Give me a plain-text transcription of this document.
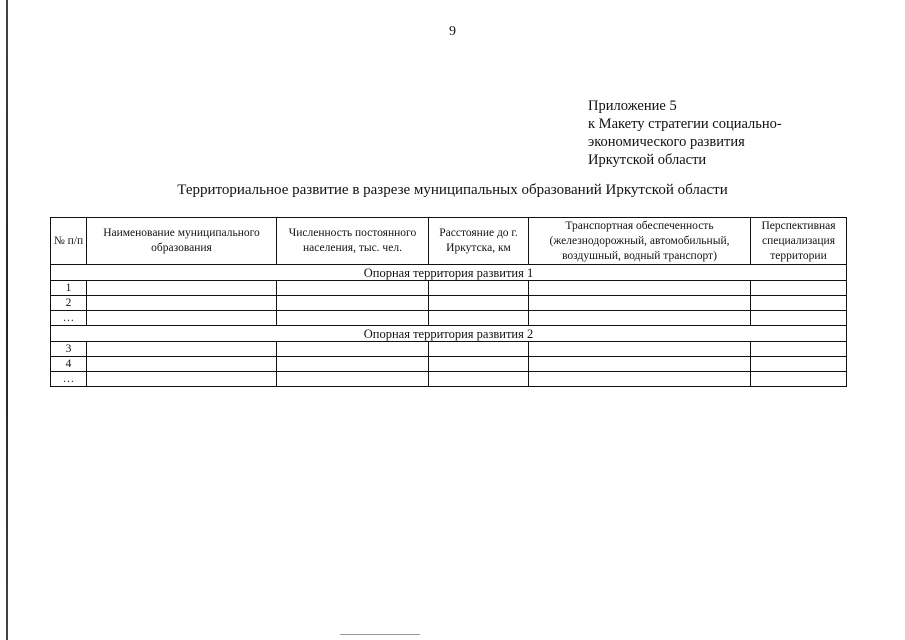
9
Приложение 5
к Макету стратегии социально-
экономического развития
Иркутской области
Территориальное развитие в разрезе муниципальных образований Иркутской области
№ п/п	Наименование муниципального образования	Численность постоянного населения, тыс. чел.	Расстояние до г. Иркутска, км	Транспортная обеспеченность (железнодорожный, автомобильный, воздушный, водный транспорт)	Перспективная специализация территории
Опорная территория развития 1					
1					
2					
…					
Опорная территория развития 2					
3					
4					
…					
